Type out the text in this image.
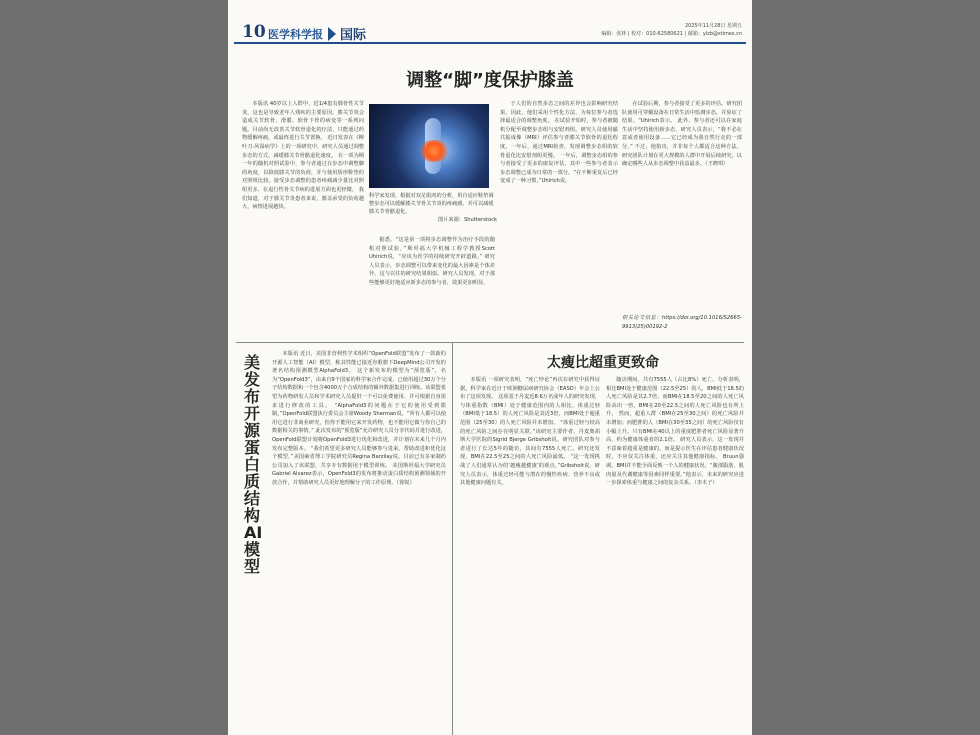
10 医学科学报	国际
2025年11月28日 星期五
编辑：张林 | 校对：010-62580621 | 邮箱：ylzb@stimes.cn
调整“脚”度保护膝盖
本版讯 40岁以上人群中，近1/4患有膝骨性关节炎，这也是导致老年人残疾的主要原因。膝关节炎会造成关节软骨、滑膜、软骨下骨的病变等一系列问题。目前尚无改善关节软骨退化的疗法，只能通过药物缓解疼痛，或最终进行关节置换。 近日发表在《柳叶刀·风湿病学》上的一项研究中，研究人员通过调整步态的方式，减缓膝关节骨骼退化速度。 在一项为期一年的随机对照试验中，参与者通过在步态中调整脚的角度，以降低膝关节的负荷，并与使用矫形鞋垫的对照组比较。接受步态调整的患者疼痛减少量比对照组更多，在退行性骨关节病的进展方面也更轻微。 我们知道，对于膝关节炎患者来说，膝盖承受的负荷越大，病情进展越快。
科学家发现，根据对双足肌肉的分析，用自适应鞋垫调整步态可以缓解膝关节骨关节炎的疼痛感，并可以减缓膝关节骨骼退化。
图片来源：Shutterstock
据悉，“这是第一项将步态调整作为治疗手段的随机对照试验，”斯坦福大学机械工程学教授Scott Uhlrich说，“应该为医学的持续研究开辟道路。” 研究人员表示，步态调整可以带来变化的最大因素是个体差异，这与以往的研究结果相似。研究人员发现，对于那些能够更好地适应新步态的参与者，效果更加明显。
于人们的自然步态之间的差异也会影响研究结果。因此，他们采用个性化方法，为每位参与者选择最适合的调整角度。 在试验开始时，参与者被随机分配至调整步态组与安慰剂组。研究人员使用磁共振成像（MRI）评估参与者膝关节软骨的退化程度，一年后，通过MRI检查，发现调整步态组的软骨退化比安慰剂组更慢。 一年后，调整步态组的参与者接受了更多的康复评估，其中一些参与者表示步态调整已成为日常的一部分，“在不断重复后已经变成了一种习惯，”Uhlrich说。
在试验后期，参与者接受了更多的评估。研究团队使用可穿戴设备在日常生活中监测步态，并验证了结果。“Uhlrich表示。 此外，参与者还可以在家庭生活中坚持使用新步态，研究人员表示，“我不必在意或者使用设备……它已经成为我自然行走的一部分。” 不过，他指出，并非每个人都适合这种方法。研究团队计划在更大规模的人群中开展后续研究，以确定哪些人从步态调整中获益最多。（王晓琪）
相关论文信息：https://doi.org/10.1016/S2665-9913(25)00192-2
美发布开源蛋白质结构AI模型
本版讯 近日，美国非营利性学术组织“OpenFold联盟”发布了一款新的开源人工智能（AI）模型，称其性能已接近谷歌旗下DeepMind公司开发的著名结构预测模型AlphaFold3。 这个新发布的模型为“预览版”，名为“OpenFold3”，由来自9个国家的科学家合作完成，已使用超过30万个分子结构数据和一个包含4000万个合成结构的额外数据集进行训练。该联盟希望为药物研发人员和学术研究人员提供一个可以免费使用、并可根据自身需求进行修改的工具。 “AlphaFold3的问题在于它的使用受到限制，”OpenFold联盟执行委员会主席Woody Sherman说，“所有人都可以使用它进行非商业研究，但你不能用它来开发药物，也不能用它做与你自己的数据相关的事情。” 此次发布的“预览版”允许研究人员分享代码并进行改进，OpenFold联盟计划将OpenFold3进行优化和改进，并计划在未来几个月内发布完整版本。 “我们希望更多研究人员能够参与进来，帮助改进和优化这个模型，”美国麻省理工学院研究员Regina Barzilay说。目前已有多家制药公司加入了该联盟，共享专有数据用于模型训练。 美国斯坦福大学研究员Gabriel Alvarez表示，OpenFold3的发布将推动蛋白质结构预测领域的开放合作，并帮助研究人员更好地理解分子的工作原理。（徐锐）
太瘦比超重更致命
本版讯 一项研究表明，“死亡悖论”再次在研究中获得证据。科学家在近日于欧洲糖尿病研究协会（EASD）年会上公布了这项发现。 这项基于丹麦近8.6万名成年人的研究发现，与体重指数（BMI）处于健康范围内的人相比，体重过轻（BMI低于18.5）的人死亡风险是其近3倍，而BMI处于超重范围（25至30）的人死亡风险并未增加。 “体重过轻与较高的死亡风险之间存在明显关联，”该研究主要作者、丹麦奥胡斯大学医院的Sigrid Bjerge Gribsholt说。研究团队对参与者进行了长达5年的随访，其间有7555人死亡。研究还发现，BMI在22.5至25之间的人死亡风险最低。 “这一发现挑战了人们通常认为的‘越瘦越健康’的观点，”Gribsholt说。研究人员表示，体重过轻可能与潜在的慢性疾病、营养不良或其他健康问题有关。
随访期间，共有7555人（占比8%）死亡。分析表明，相比BMI处于健康范围（22.5至25）的人，BMI低于18.5的人死亡风险是其2.7倍。而BMI在18.5至20之间的人死亡风险高出一倍，BMI在20至22.5之间的人死亡风险也有所上升。 然而，超重人群（BMI在25至30之间）的死亡风险并未增加；而肥胖的人（BMI在30至35之间）的死亡风险仅有小幅上升。只有BMI在40以上的重度肥胖者死亡风险显著升高，约为健康体重者的2.1倍。 研究人员表示，这一发现并不意味着超重是健康的，而是提示医生在评估患者健康状况时，不应仅关注体重，还应关注其他健康指标。 Bruun强调，BMI并不能全面反映一个人的健康状况，“腹部脂肪、肌肉量及代谢健康等因素同样重要。”他表示，未来的研究应进一步探索体重与健康之间的复杂关系。（李木子）
